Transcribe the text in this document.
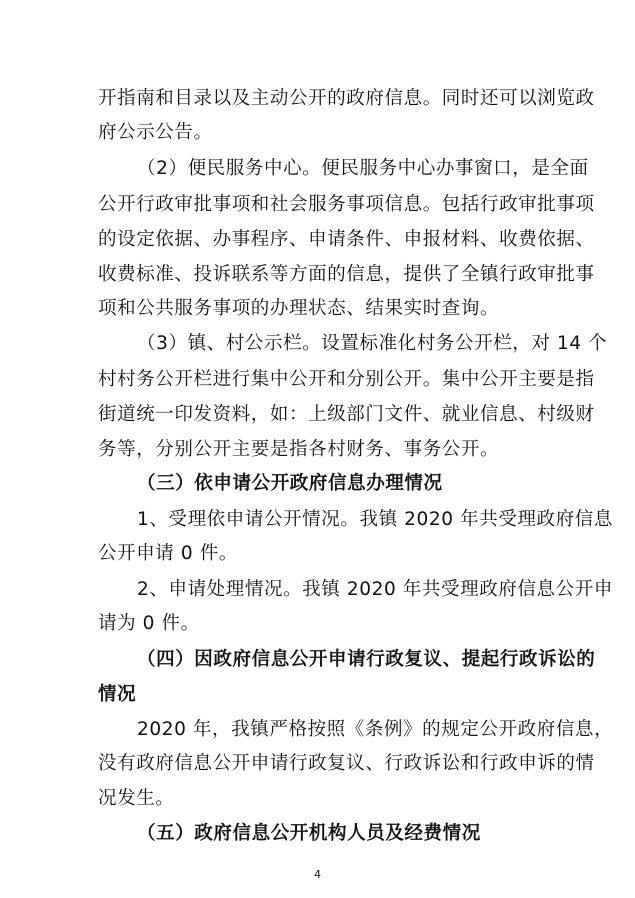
开指南和目录以及主动公开的政府信息。同时还可以浏览政
府公示公告。
（2）便民服务中心。便民服务中心办事窗口，是全面
公开行政审批事项和社会服务事项信息。包括行政审批事项
的设定依据、办事程序、申请条件、申报材料、收费依据、
收费标准、投诉联系等方面的信息，提供了全镇行政审批事
项和公共服务事项的办理状态、结果实时查询。
（3）镇、村公示栏。设置标准化村务公开栏，对 14 个
村村务公开栏进行集中公开和分别公开。集中公开主要是指
街道统一印发资料，如：上级部门文件、就业信息、村级财
务等，分别公开主要是指各村财务、事务公开。
（三）依申请公开政府信息办理情况
1、受理依申请公开情况。我镇 2020 年共受理政府信息
公开申请 0 件。
2、申请处理情况。我镇 2020 年共受理政府信息公开申
请为 0 件。
（四）因政府信息公开申请行政复议、提起行政诉讼的
情况
2020 年，我镇严格按照《条例》的规定公开政府信息，
没有政府信息公开申请行政复议、行政诉讼和行政申诉的情
况发生。
（五）政府信息公开机构人员及经费情况
4
